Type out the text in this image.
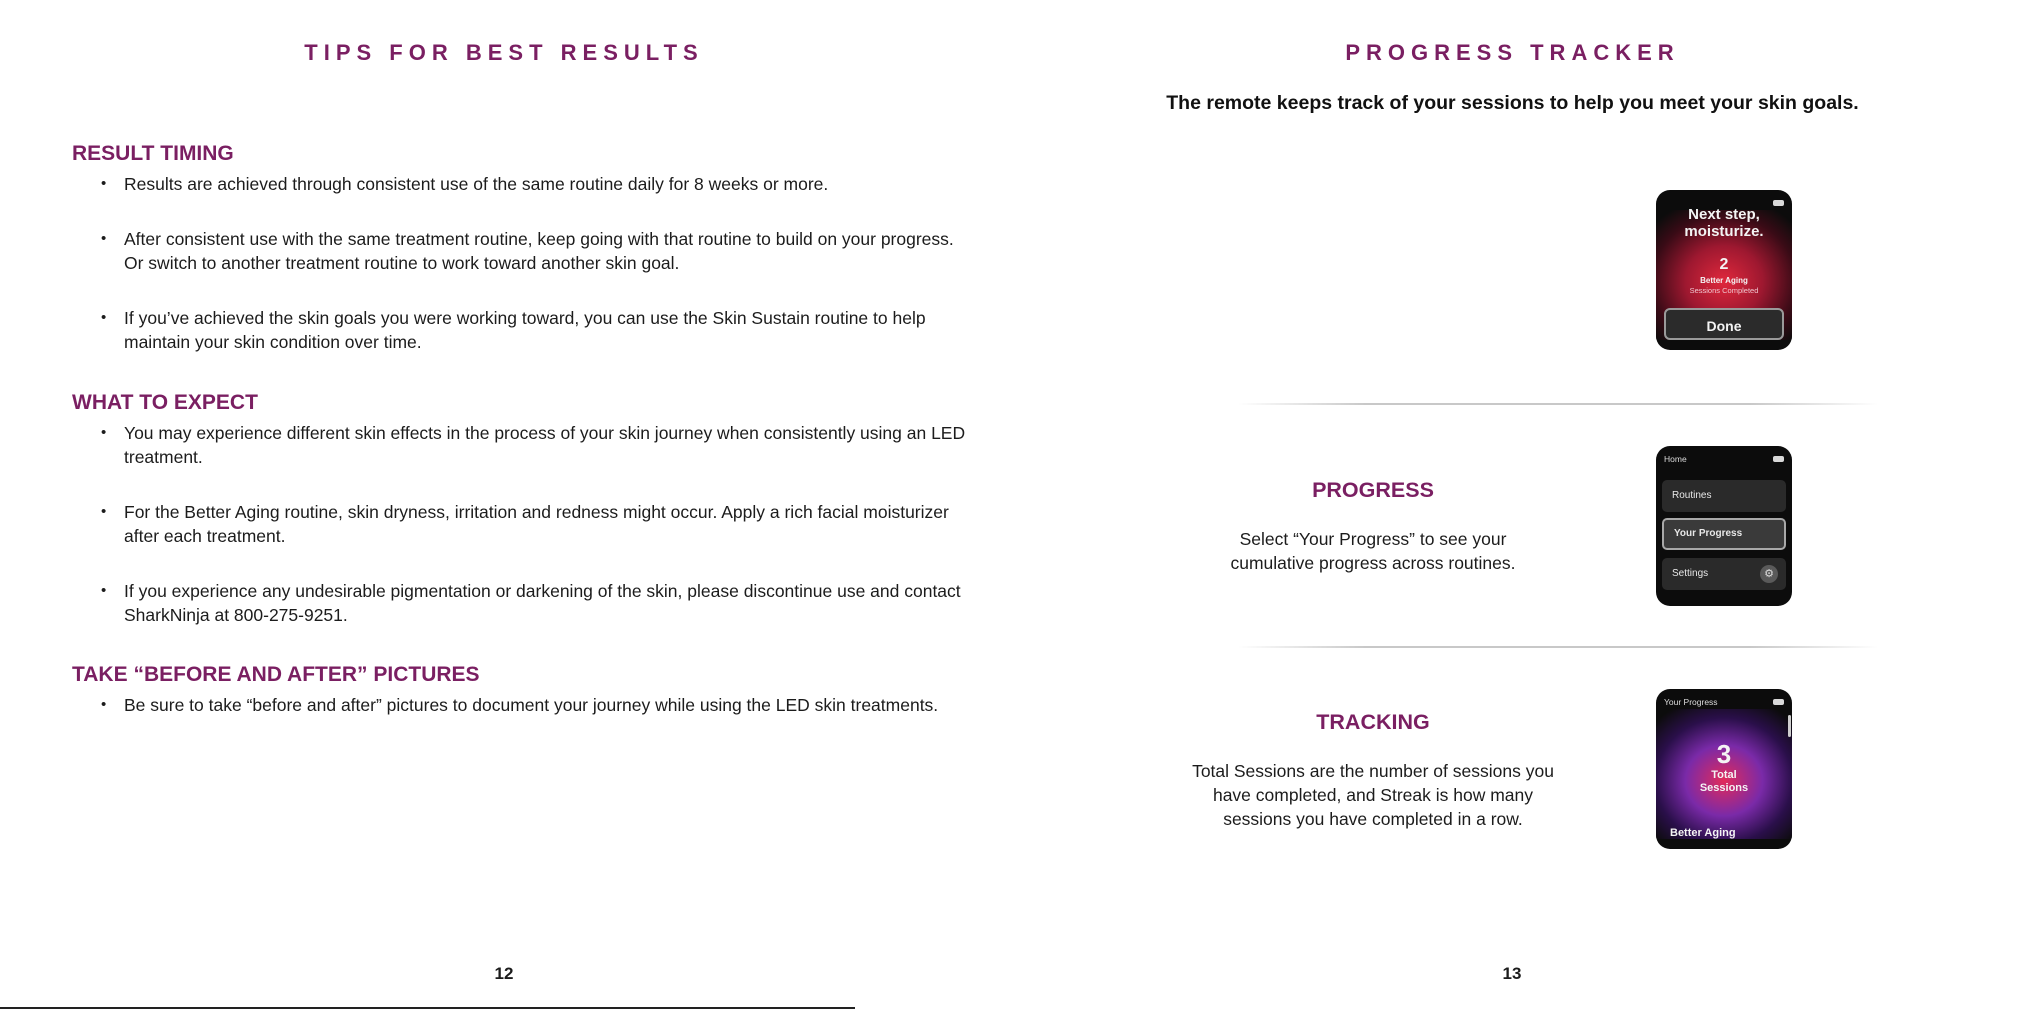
TIPS FOR BEST RESULTS
RESULT TIMING
• Results are achieved through consistent use of the same routine daily for 8 weeks or more.
• After consistent use with the same treatment routine, keep going with that routine to build on your progress. Or switch to another treatment routine to work toward another skin goal.
• If you’ve achieved the skin goals you were working toward, you can use the Skin Sustain routine to help maintain your skin condition over time.
WHAT TO EXPECT
• You may experience different skin effects in the process of your skin journey when consistently using an LED treatment.
• For the Better Aging routine, skin dryness, irritation and redness might occur. Apply a rich facial moisturizer after each treatment.
• If you experience any undesirable pigmentation or darkening of the skin, please discontinue use and contact SharkNinja at 800-275-9251.
TAKE “BEFORE AND AFTER” PICTURES
• Be sure to take “before and after” pictures to document your journey while using the LED skin treatments.
12
PROGRESS TRACKER
The remote keeps track of your sessions to help you meet your skin goals.
Next step,
moisturize.
2
Better Aging
Sessions Completed
Done
PROGRESS
Select “Your Progress” to see your
cumulative progress across routines.
Home
Routines
Your Progress
Settings	⚙
TRACKING
Total Sessions are the number of sessions you
have completed, and Streak is how many
sessions you have completed in a row.
Your Progress
3
Total
Sessions
Better Aging
13
